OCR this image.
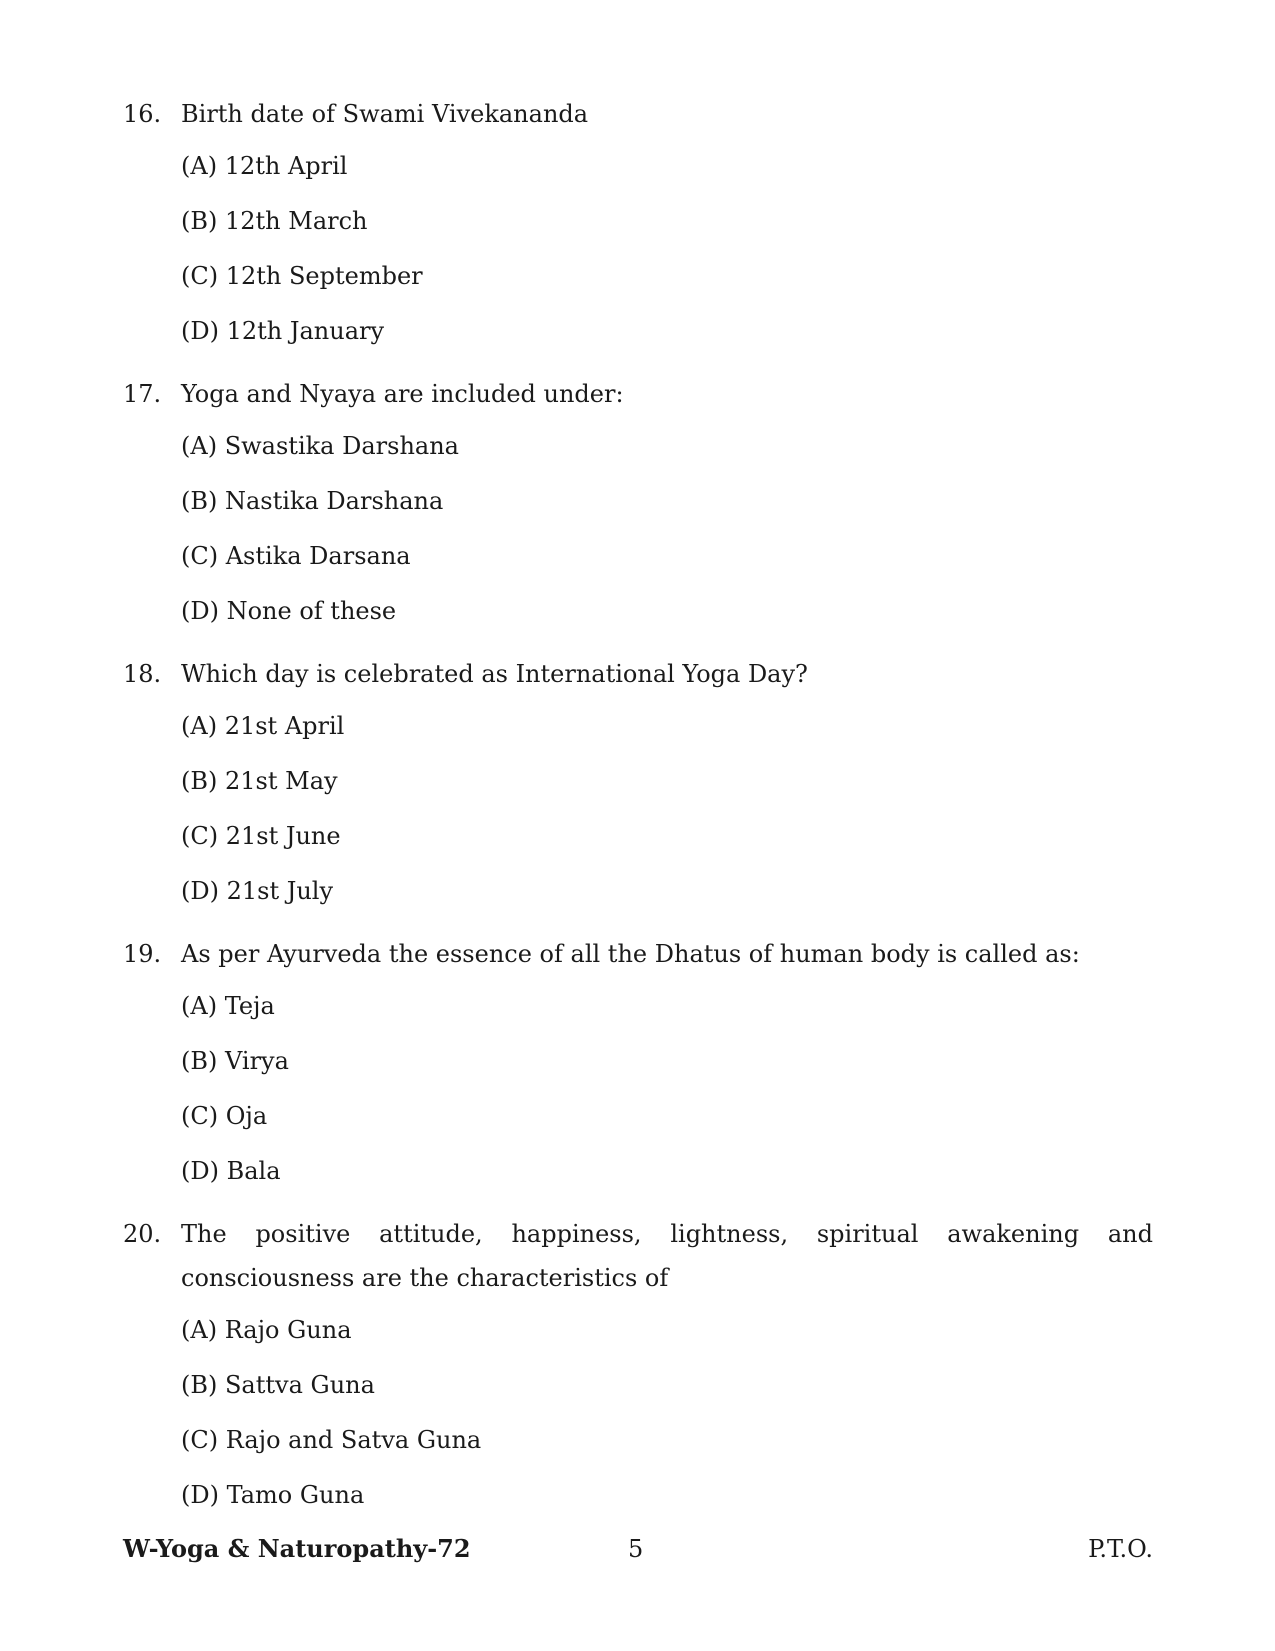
16. Birth date of Swami Vivekananda
(A) 12th April
(B) 12th March
(C) 12th September
(D) 12th January
17. Yoga and Nyaya are included under:
(A) Swastika Darshana
(B) Nastika Darshana
(C) Astika Darsana
(D) None of these
18. Which day is celebrated as International Yoga Day?
(A) 21st April
(B) 21st May
(C) 21st June
(D) 21st July
19. As per Ayurveda the essence of all the Dhatus of human body is called as:
(A) Teja
(B) Virya
(C) Oja
(D) Bala
20. The positive attitude, happiness, lightness, spiritual awakening and consciousness are the characteristics of
(A) Rajo Guna
(B) Sattva Guna
(C) Rajo and Satva Guna
(D) Tamo Guna
W-Yoga & Naturopathy-72	5	P.T.O.
